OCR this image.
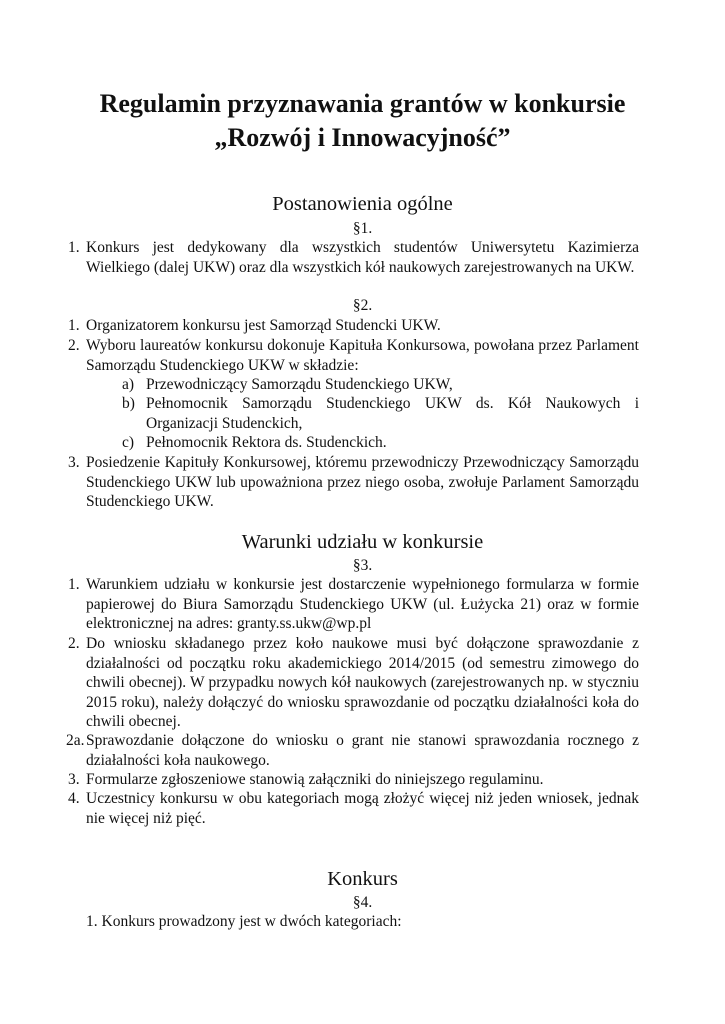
Regulamin przyznawania grantów w konkursie
„Rozwój i Innowacyjność”
Postanowienia ogólne
§1.
1. Konkurs jest dedykowany dla wszystkich studentów Uniwersytetu Kazimierza Wielkiego (dalej UKW) oraz dla wszystkich kół naukowych zarejestrowanych na UKW.
§2.
1. Organizatorem konkursu jest Samorząd Studencki UKW.
2. Wyboru laureatów konkursu dokonuje Kapituła Konkursowa, powołana przez Parlament Samorządu Studenckiego UKW w składzie:
a) Przewodniczący Samorządu Studenckiego UKW,
b) Pełnomocnik Samorządu Studenckiego UKW ds. Kół Naukowych i Organizacji Studenckich,
c) Pełnomocnik Rektora ds. Studenckich.
3. Posiedzenie Kapituły Konkursowej, któremu przewodniczy Przewodniczący Samorządu Studenckiego UKW lub upoważniona przez niego osoba, zwołuje Parlament Samorządu Studenckiego UKW.
Warunki udziału w konkursie
§3.
1. Warunkiem udziału w konkursie jest dostarczenie wypełnionego formularza w formie papierowej do Biura Samorządu Studenckiego UKW (ul. Łużycka 21) oraz w formie elektronicznej na adres: granty.ss.ukw@wp.pl
2. Do wniosku składanego przez koło naukowe musi być dołączone sprawozdanie z działalności od początku roku akademickiego 2014/2015 (od semestru zimowego do chwili obecnej). W przypadku nowych kół naukowych (zarejestrowanych np. w styczniu 2015 roku), należy dołączyć do wniosku sprawozdanie od początku działalności koła do chwili obecnej.
2a. Sprawozdanie dołączone do wniosku o grant nie stanowi sprawozdania rocznego z działalności koła naukowego.
3. Formularze zgłoszeniowe stanowią załączniki do niniejszego regulaminu.
4. Uczestnicy konkursu w obu kategoriach mogą złożyć więcej niż jeden wniosek, jednak nie więcej niż pięć.
Konkurs
§4.
1. Konkurs prowadzony jest w dwóch kategoriach:
